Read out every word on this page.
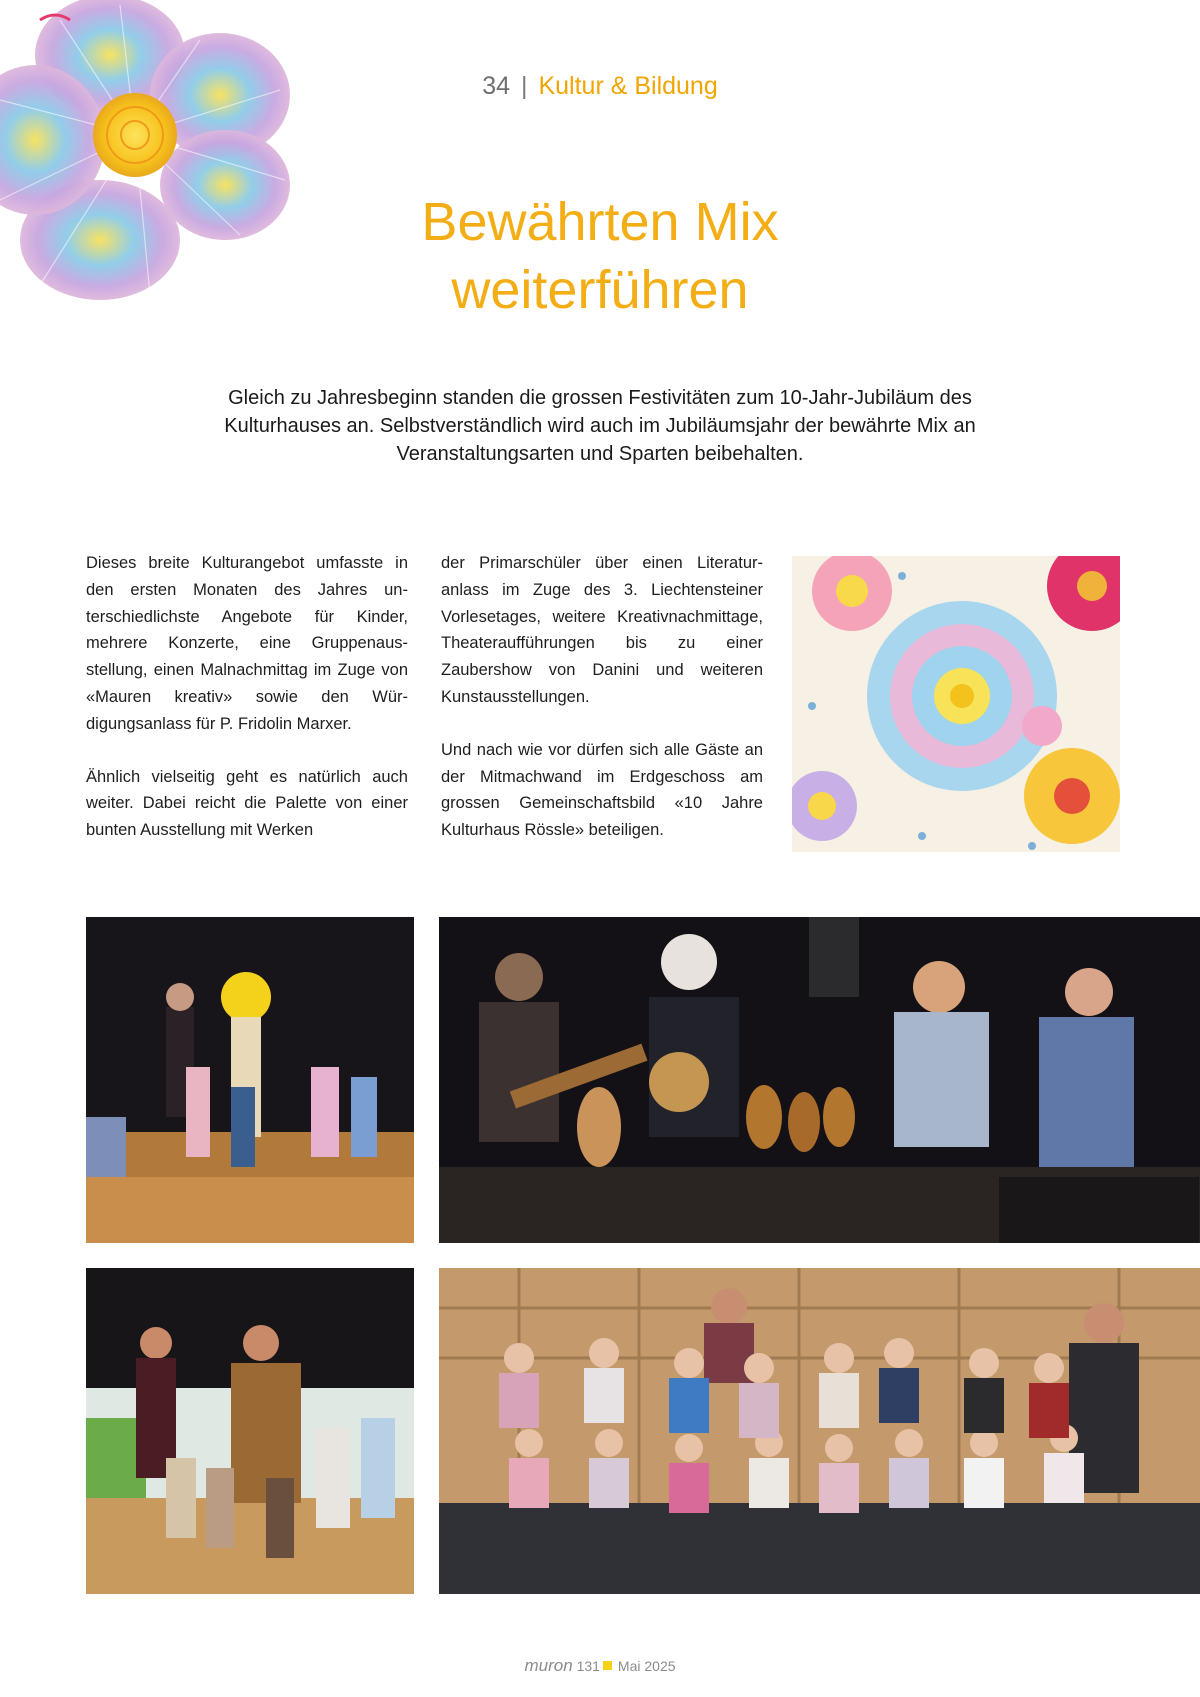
34 | Kultur & Bildung
Bewährten Mix
weiterführen
Gleich zu Jahresbeginn standen die grossen Festivitäten zum 10-Jahr-Jubiläum des Kulturhauses an. Selbstverständlich wird auch im Jubiläumsjahr der bewährte Mix an Veranstaltungsarten und Sparten beibehalten.

Dieses breite Kulturangebot umfasste in den ersten Monaten des Jahres unterschiedlichste Angebote für Kinder, mehrere Konzerte, eine Gruppenausstellung, einen Malnachmittag im Zuge von «Mauren kreativ» sowie den Würdigungsanlass für P. Fridolin Marxer.

Ähnlich vielseitig geht es natürlich auch weiter. Dabei reicht die Palette von einer bunten Ausstellung mit Werken

der Primarschüler über einen Literaturanlass im Zuge des 3. Liechtensteiner Vorlesetages, weitere Kreativnachmittage, Theateraufführungen bis zu einer Zaubershow von Danini und weiteren Kunstausstellungen.

Und nach wie vor dürfen sich alle Gäste an der Mitmachwand im Erdgeschoss am grossen Gemeinschaftsbild «10 Jahre Kulturhaus Rössle» beteiligen.

muron 131 Mai 2025
